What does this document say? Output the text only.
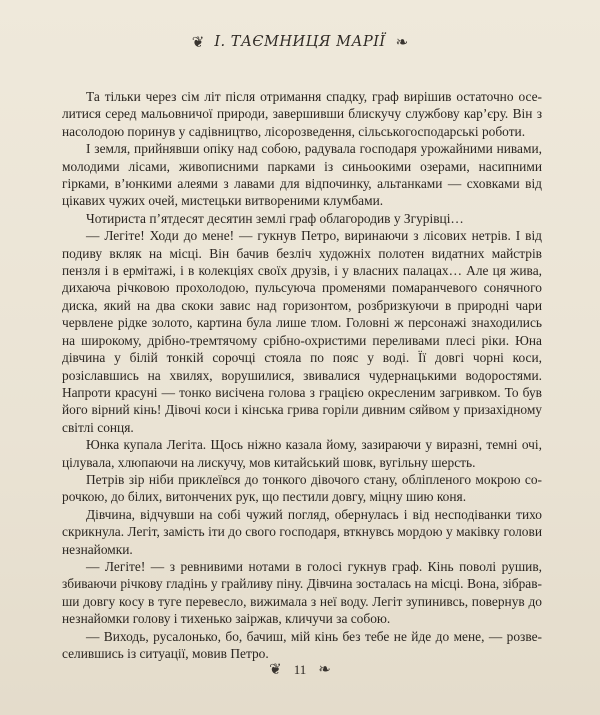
❦ І. ТАЄМНИЦЯ МАРІЇ ❧

Та тільки через сім літ після отримання спадку, граф вирішив остаточно оселитися серед мальовничої природи, завершивши блискучу службову кар’єру. Він з насолодою поринув у садівництво, лісорозведення, сільськогосподарські роботи.

І земля, прийнявши опіку над собою, радувала господаря урожайними нивами, молодими лісами, живописними парками із синьоокими озерами, насипними гірками, в’юнкими алеями з лавами для відпочинку, альтанками — сховками від цікавих чужих очей, мистецьки витвореними клумбами.

Чотириста п’ятдесят десятин землі граф облагородив у Згурівці…

— Легіте! Ходи до мене! — гукнув Петро, виринаючи з лісових нетрів. І від подиву вкляк на місці. Він бачив безліч художніх полотен видатних майстрів пензля і в ермітажі, і в колекціях своїх друзів, і у власних палацах… Але ця жива, дихаюча річковою прохолодою, пульсуюча променями помаранчевого сонячного диска, який на два скоки завис над горизонтом, розбризкуючи в природні чари червлене рідке золото, картина була лише тлом. Головні ж персонажі знаходились на широкому, дрібно-тремтячому срібно-охристими переливами плесі ріки. Юна дівчина у білій тонкій сорочці стояла по пояс у воді. Її довгі чорні коси, розіславшись на хвилях, ворушилися, звивалися чудернацькими водоростями. Напроти красуні — тонко висічена голова з грацією окресленим загривком. То був його вірний кінь! Дівочі коси і кінська грива горіли дивним сяйвом у призахідному світлі сонця.

Юнка купала Легіта. Щось ніжно казала йому, зазираючи у виразні, темні очі, цілувала, хлюпаючи на лискучу, мов китайський шовк, вугільну шерсть.

Петрів зір ніби приклеївся до тонкого дівочого стану, обліпленого мокрою сорочкою, до білих, витончених рук, що пестили довгу, міцну шию коня.

Дівчина, відчувши на собі чужий погляд, обернулась і від несподіванки тихо скрикнула. Легіт, замість іти до свого господаря, вткнувсь мордою у маківку голови незнайомки.

— Легіте! — з ревнивими нотами в голосі гукнув граф. Кінь поволі рушив, збиваючи річкову гладінь у грайливу піну. Дівчина зосталась на місці. Вона, зібравши довгу косу в туге перевесло, вижимала з неї воду. Легіт зупинивсь, повернув до незнайомки голову і тихенько заіржав, кличучи за собою.

— Виходь, русалонько, бо, бачиш, мій кінь без тебе не йде до мене, — розвеселившись із ситуації, мовив Петро.

❦ 11 ❧
